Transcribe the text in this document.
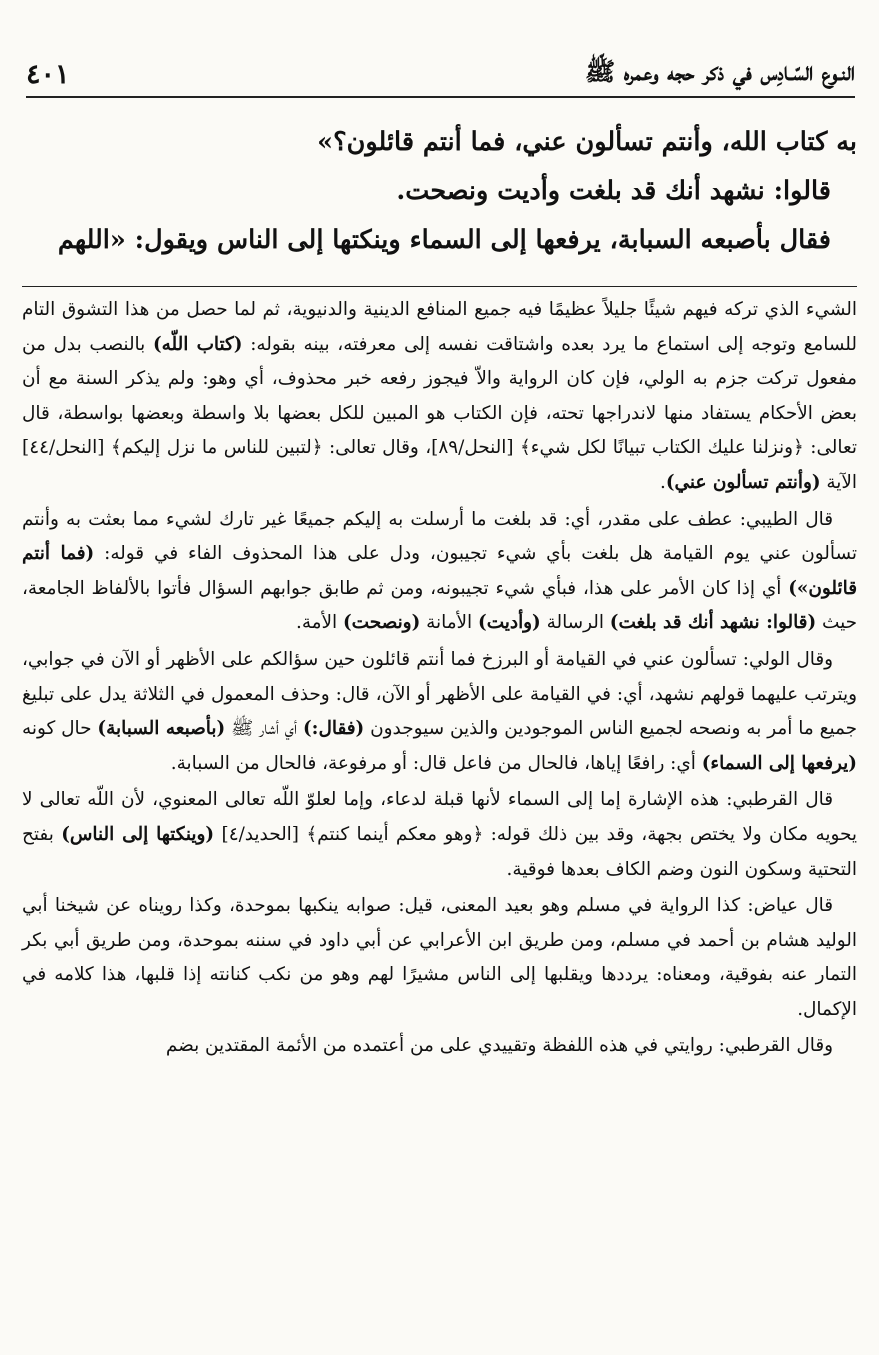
٤٠١	النـوع السّـادِس في ذكر حجه وعمره ﷺ

به كتاب الله، وأنتم تسألون عني، فما أنتم قائلون؟»

قالوا: نشهد أنك قد بلغت وأديت ونصحت.

فقال بأصبعه السبابة، يرفعها إلى السماء وينكتها إلى الناس ويقول: «اللهم

الشيء الذي تركه فيهم شيئًا جليلاً عظيمًا فيه جميع المنافع الدينية والدنيوية، ثم لما حصل من هذا التشوق التام للسامع وتوجه إلى استماع ما يرد بعده واشتاقت نفسه إلى معرفته، بينه بقوله: (كتاب اللّه) بالنصب بدل من مفعول تركت جزم به الولي، فإن كان الرواية والاّ فيجوز رفعه خبر محذوف، أي وهو: ولم يذكر السنة مع أن بعض الأحكام يستفاد منها لاندراجها تحته، فإن الكتاب هو المبين للكل بعضها بلا واسطة وبعضها بواسطة، قال تعالى: ﴿ونزلنا عليك الكتاب تبيانًا لكل شيء﴾ [النحل/٨٩]، وقال تعالى: ﴿لتبين للناس ما نزل إليكم﴾ [النحل/٤٤] الآية (وأنتم تسألون عني).

قال الطيبي: عطف على مقدر، أي: قد بلغت ما أرسلت به إليكم جميعًا غير تارك لشيء مما بعثت به وأنتم تسألون عني يوم القيامة هل بلغت بأي شيء تجيبون، ودل على هذا المحذوف الفاء في قوله: (فما أنتم قائلون») أي إذا كان الأمر على هذا، فبأي شيء تجيبونه، ومن ثم طابق جوابهم السؤال فأتوا بالألفاظ الجامعة، حيث (قالوا: نشهد أنك قد بلغت) الرسالة (وأديت) الأمانة (ونصحت) الأمة.

وقال الولي: تسألون عني في القيامة أو البرزخ فما أنتم قائلون حين سؤالكم على الأظهر أو الآن في جوابي، ويترتب عليهما قولهم نشهد، أي: في القيامة على الأظهر أو الآن، قال: وحذف المعمول في الثلاثة يدل على تبليغ جميع ما أمر به ونصحه لجميع الناس الموجودين والذين سيوجدون (فقال:) أي أشار ﷺ (بأصبعه السبابة) حال كونه (يرفعها إلى السماء) أي: رافعًا إياها، فالحال من فاعل قال: أو مرفوعة، فالحال من السبابة.

قال القرطبي: هذه الإشارة إما إلى السماء لأنها قبلة لدعاء، وإما لعلوّ اللّه تعالى المعنوي، لأن اللّه تعالى لا يحويه مكان ولا يختص بجهة، وقد بين ذلك قوله: ﴿وهو معكم أينما كنتم﴾ [الحديد/٤] (وينكتها إلى الناس) بفتح التحتية وسكون النون وضم الكاف بعدها فوقية.

قال عياض: كذا الرواية في مسلم وهو بعيد المعنى، قيل: صوابه ينكبها بموحدة، وكذا رويناه عن شيخنا أبي الوليد هشام بن أحمد في مسلم، ومن طريق ابن الأعرابي عن أبي داود في سننه بموحدة، ومن طريق أبي بكر التمار عنه بفوقية، ومعناه: يرددها ويقلبها إلى الناس مشيرًا لهم وهو من نكب كنانته إذا قلبها، هذا كلامه في الإكمال.

وقال القرطبي: روايتي في هذه اللفظة وتقييدي على من أعتمده من الأئمة المقتدين بضم
